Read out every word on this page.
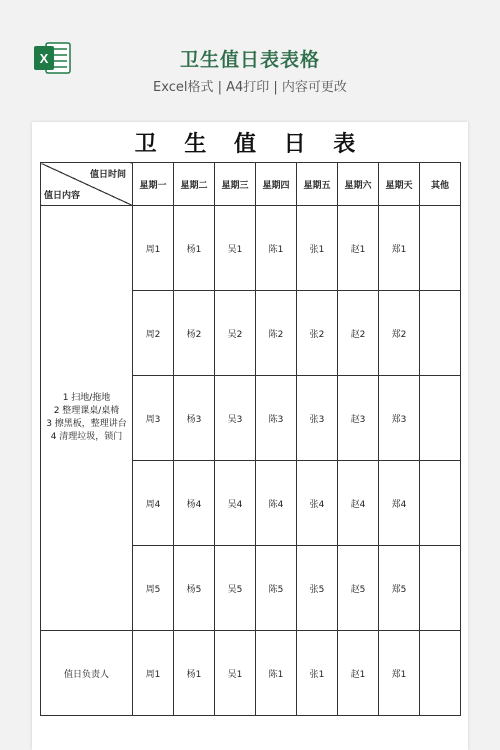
X	卫生值日表表格
Excel格式 | A4打印 | 内容可更改
卫 生 值 日 表
值日时间
值日内容	星期一	星期二	星期三	星期四	星期五	星期六	星期天	其他

1 扫地/拖地
2 整理课桌/桌椅
3 擦黑板，整理讲台
4 清理垃圾，锁门	周1	杨1	吴1	陈1	张1	赵1	郑1	
	周2	杨2	吴2	陈2	张2	赵2	郑2	
	周3	杨3	吴3	陈3	张3	赵3	郑3	
	周4	杨4	吴4	陈4	张4	赵4	郑4	
	周5	杨5	吴5	陈5	张5	赵5	郑5	
值日负责人	周1	杨1	吴1	陈1	张1	赵1	郑1	
